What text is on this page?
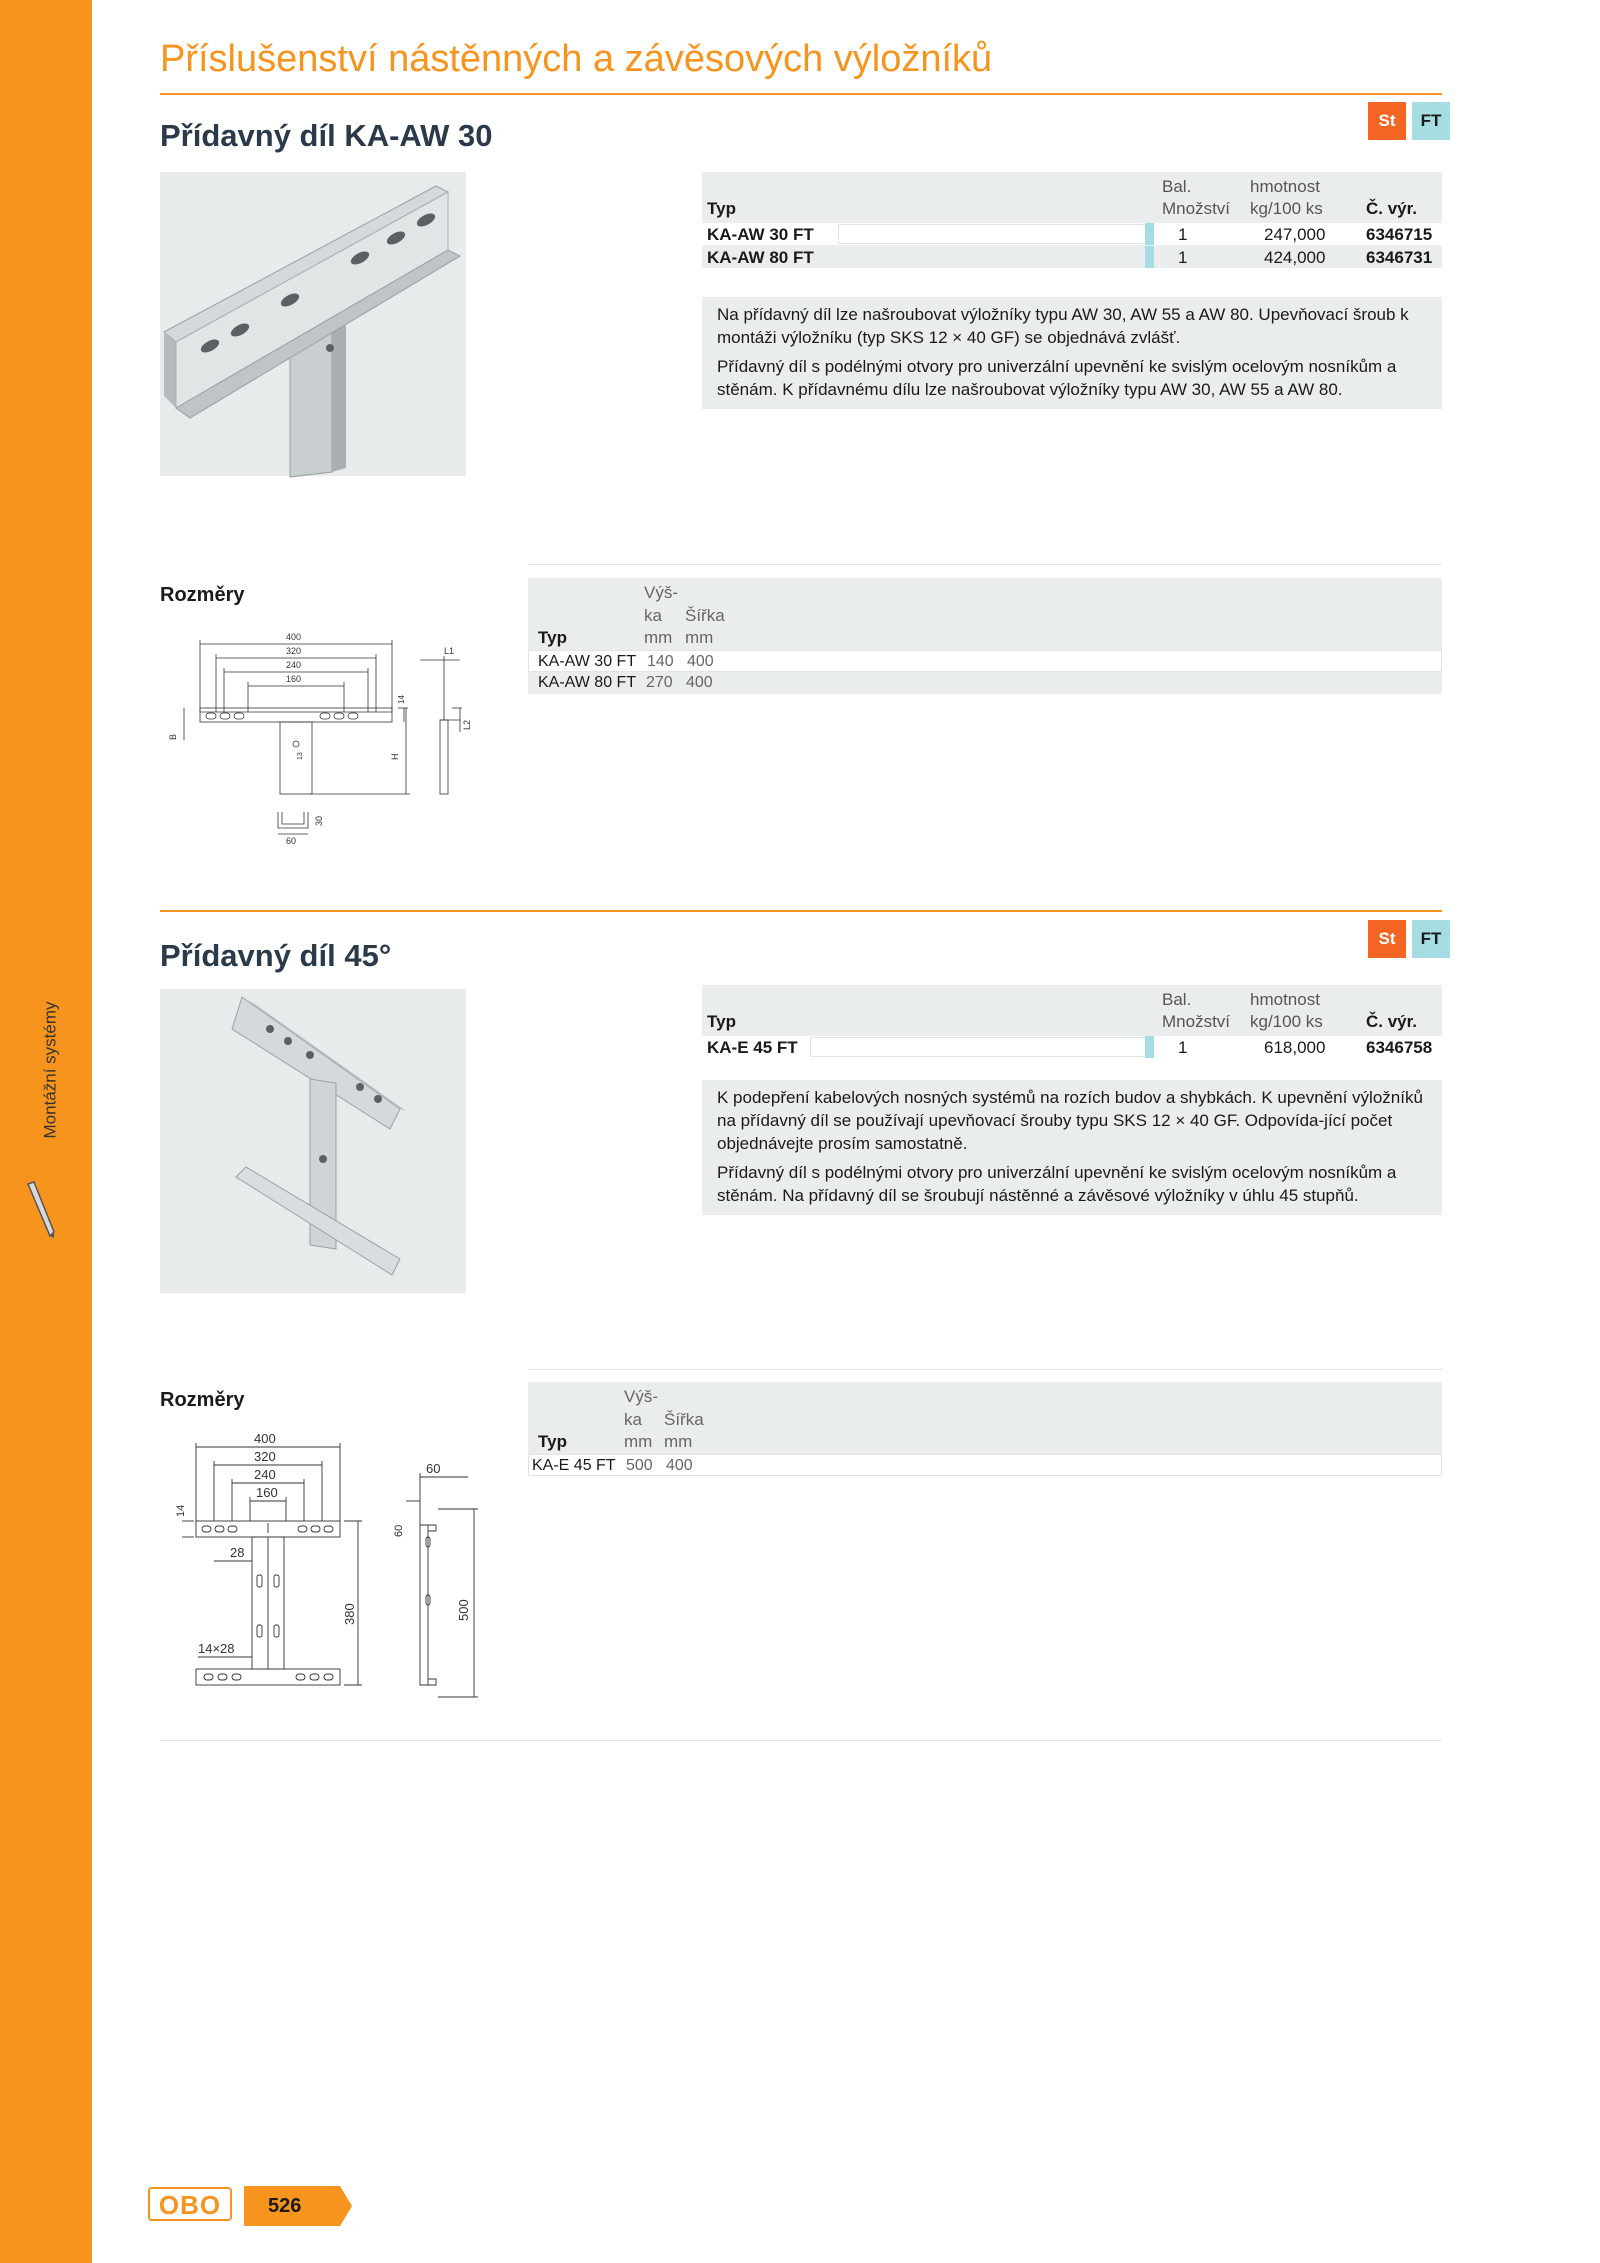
Montážní systémy
Příslušenství nástěnných a závěsových výložníků
Přídavný díl KA-AW 30	St	FT
Typ
Bal.
Množství
hmotnost
kg/100 ks	Č. výr.
KA-AW 30 FT	1	247,000 6346715
KA-AW 80 FT	1	424,000 6346731

Na přídavný díl lze našroubovat výložníky typu AW 30, AW 55 a AW 80. Upevňovací šroub k montáži výložníku (typ SKS 12 × 40 GF) se objednává zvlášť.

Přídavný díl s podélnými otvory pro univerzální upevnění ke svislým ocelovým nosníkům a stěnám. K přídavnému dílu lze našroubovat výložníky typu AW 30, AW 55 a AW 80.

Rozměry
Typ
Výš-
ka
mm
Šířka
mm
KA-AW 30 FT 140 400
KA-AW 80 FT 270 400
400
320
240
160
B
13
14
H
L1
L2
60
30
Přídavný díl 45°	St	FT
Typ
Bal.
Množství
hmotnost
kg/100 ks	Č. výr.
KA-E 45 FT	1	618,000 6346758

K podepření kabelových nosných systémů na rozích budov a shybkách. K upevnění výložníků na přídavný díl se používají upevňovací šrouby typu SKS 12 × 40 GF. Odpovída-jící počet objednávejte prosím samostatně.

Přídavný díl s podélnými otvory pro univerzální upevnění ke svislým ocelovým nosníkům a stěnám. Na přídavný díl se šroubují nástěnné a závěsové výložníky v úhlu 45 stupňů.

Rozměry
Typ
Výš-
ka
mm
Šířka
mm
KA-E 45 FT 500 400
400
320
240
160
14
28
14×28
380
60
60
500
OBO 526
